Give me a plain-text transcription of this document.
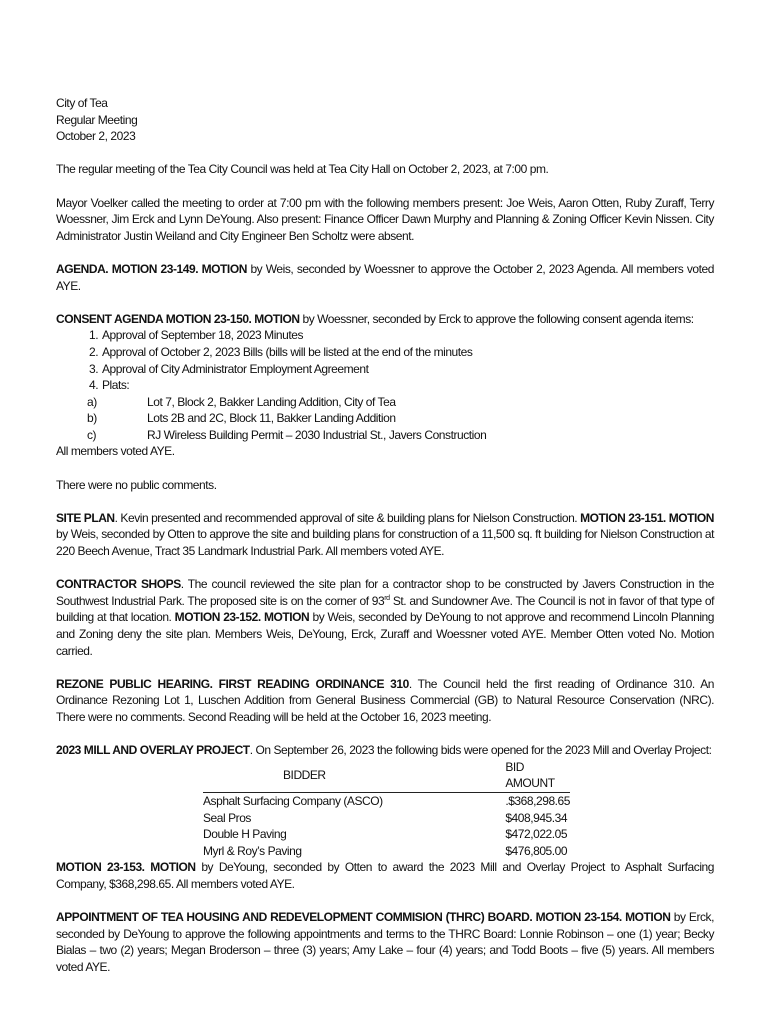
City of Tea

Regular Meeting

October 2, 2023

The regular meeting of the Tea City Council was held at Tea City Hall on October 2, 2023, at 7:00 pm.

Mayor Voelker called the meeting to order at 7:00 pm with the following members present: Joe Weis, Aaron Otten, Ruby Zuraff, Terry Woessner, Jim Erck and Lynn DeYoung. Also present: Finance Officer Dawn Murphy and Planning & Zoning Officer Kevin Nissen. City Administrator Justin Weiland and City Engineer Ben Scholtz were absent.

AGENDA. MOTION 23-149. MOTION by Weis, seconded by Woessner to approve the October 2, 2023 Agenda. All members voted AYE.

CONSENT AGENDA MOTION 23-150. MOTION by Woessner, seconded by Erck to approve the following consent agenda items:

1. Approval of September 18, 2023 Minutes
2. Approval of October 2, 2023 Bills (bills will be listed at the end of the minutes
3. Approval of City Administrator Employment Agreement
4. Plats:
a)	Lot 7, Block 2, Bakker Landing Addition, City of Tea
b)	Lots 2B and 2C, Block 11, Bakker Landing Addition
c)	RJ Wireless Building Permit – 2030 Industrial St., Javers Construction

All members voted AYE.

There were no public comments.

SITE PLAN. Kevin presented and recommended approval of site & building plans for Nielson Construction. MOTION 23-151. MOTION by Weis, seconded by Otten to approve the site and building plans for construction of a 11,500 sq. ft building for Nielson Construction at 220 Beech Avenue, Tract 35 Landmark Industrial Park. All members voted AYE.

CONTRACTOR SHOPS. The council reviewed the site plan for a contractor shop to be constructed by Javers Construction in the Southwest Industrial Park. The proposed site is on the corner of 93rd St. and Sundowner Ave. The Council is not in favor of that type of building at that location. MOTION 23-152. MOTION by Weis, seconded by DeYoung to not approve and recommend Lincoln Planning and Zoning deny the site plan. Members Weis, DeYoung, Erck, Zuraff and Woessner voted AYE. Member Otten voted No. Motion carried.

REZONE PUBLIC HEARING. FIRST READING ORDINANCE 310. The Council held the first reading of Ordinance 310. An Ordinance Rezoning Lot 1, Luschen Addition from General Business Commercial (GB) to Natural Resource Conservation (NRC). There were no comments. Second Reading will be held at the October 16, 2023 meeting.

2023 MILL AND OVERLAY PROJECT. On September 26, 2023 the following bids were opened for the 2023 Mill and Overlay Project:

BIDDER	BID AMOUNT
Asphalt Surfacing Company (ASCO)	.$368,298.65
Seal Pros	$408,945.34
Double H Paving	$472,022.05
Myrl & Roy’s Paving	$476,805.00

MOTION 23-153. MOTION by DeYoung, seconded by Otten to award the 2023 Mill and Overlay Project to Asphalt Surfacing Company, $368,298.65. All members voted AYE.

APPOINTMENT OF TEA HOUSING AND REDEVELOPMENT COMMISION (THRC) BOARD. MOTION 23-154. MOTION by Erck, seconded by DeYoung to approve the following appointments and terms to the THRC Board: Lonnie Robinson – one (1) year; Becky Bialas – two (2) years; Megan Broderson – three (3) years; Amy Lake – four (4) years; and Todd Boots – five (5) years. All members voted AYE.
